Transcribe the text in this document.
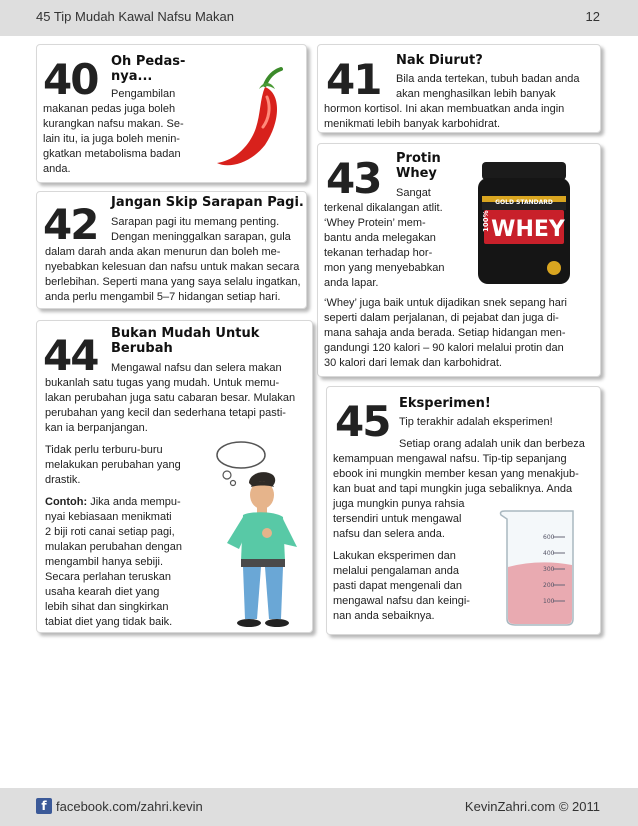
45 Tip Mudah Kawal Nafsu Makan	12
40 Oh Pedas-
nya...
Pengambilan
makanan pedas juga boleh
kurangkan nafsu makan. Se-
lain itu, ia juga boleh menin-
gkatkan metabolisma badan
anda.
41 Nak Diurut?
Bila anda tertekan, tubuh badan anda
akan menghasilkan lebih banyak
hormon kortisol. Ini akan membuatkan anda ingin
menikmati lebih banyak karbohidrat.
42 Jangan Skip Sarapan Pagi.
Sarapan pagi itu memang penting.
Dengan meninggalkan sarapan, gula
dalam darah anda akan menurun dan boleh me-
nyebabkan kelesuan dan nafsu untuk makan secara
berlebihan. Seperti mana yang saya selalu ingatkan,
anda perlu mengambil 5–7 hidangan setiap hari.
43 Protin
Whey
Sangat
terkenal dikalangan atlit.
‘Whey Protein’ mem-
bantu anda melegakan
tekanan terhadap hor-
mon yang menyebabkan
anda lapar.
GOLD STANDARD
100% WHEY
‘Whey’ juga baik untuk dijadikan snek sepang hari
seperti dalam perjalanan, di pejabat dan juga di-
mana sahaja anda berada. Setiap hidangan men-
gandungi 120 kalori – 90 kalori melalui protin dan
30 kalori dari lemak dan karbohidrat.
44 Bukan Mudah Untuk
Berubah
Mengawal nafsu dan selera makan
bukanlah satu tugas yang mudah. Untuk memu-
lakan perubahan juga satu cabaran besar. Mulakan
perubahan yang kecil dan sederhana tetapi pasti-
kan ia berpanjangan.
Tidak perlu terburu-buru
melakukan perubahan yang
drastik.
Contoh: Jika anda mempu-
nyai kebiasaan menikmati
2 biji roti canai setiap pagi,
mulakan perubahan dengan
mengambil hanya sebiji.
Secara perlahan teruskan
usaha kearah diet yang
lebih sihat dan singkirkan
tabiat diet yang tidak baik.
45 Eksperimen!
Tip terakhir adalah eksperimen!
Setiap orang adalah unik dan berbeza
kemampuan mengawal nafsu. Tip-tip sepanjang
ebook ini mungkin member kesan yang menakjub-
kan buat and tapi mungkin juga sebaliknya. Anda
juga mungkin punya rahsia
tersendiri untuk mengawal
nafsu dan selera anda.
Lakukan eksperimen dan
melalui pengalaman anda
pasti dapat mengenali dan
mengawal nafsu dan keingi-
nan anda sebaiknya.
600
400
300
200
100
f facebook.com/zahri.kevin	KevinZahri.com © 2011
